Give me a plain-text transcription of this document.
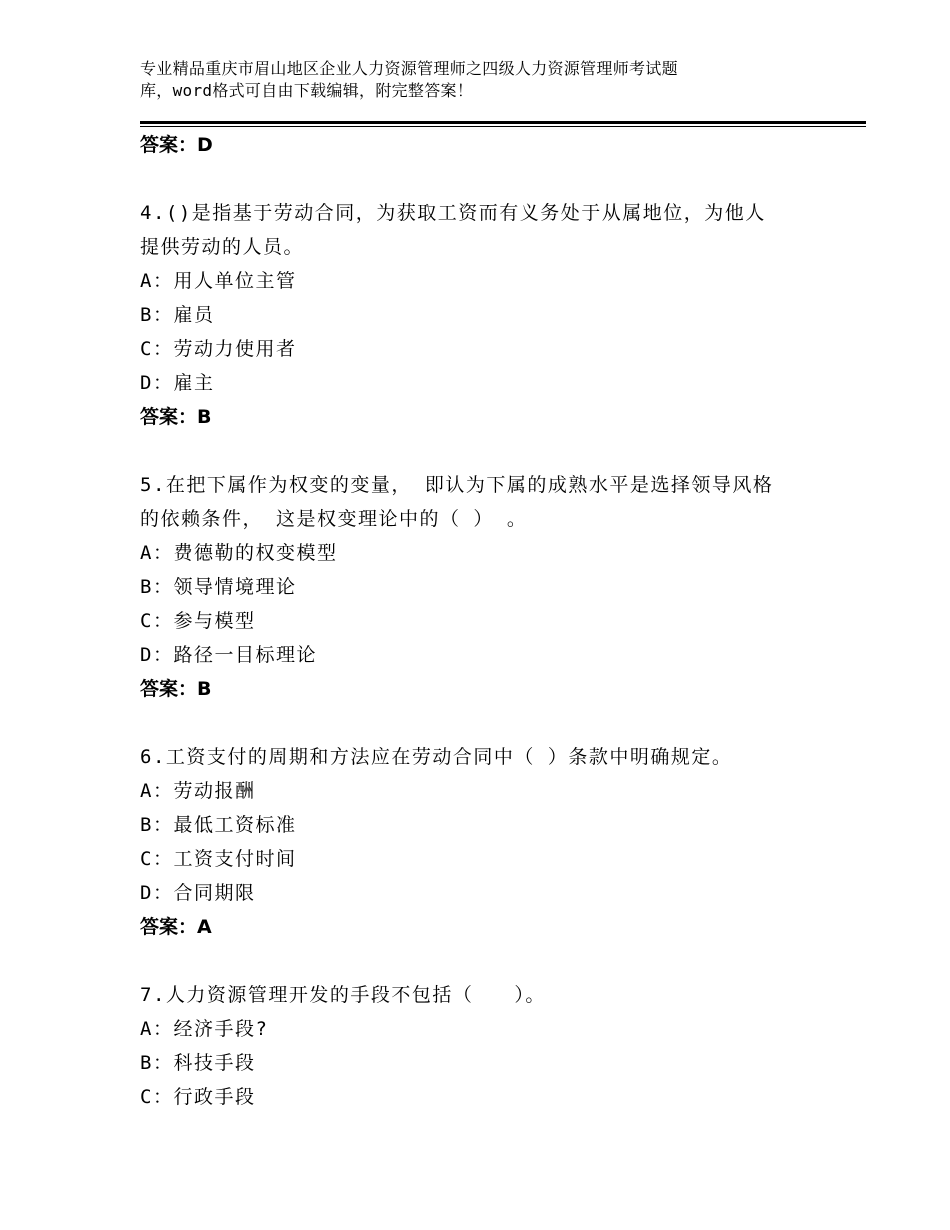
专业精品重庆市眉山地区企业人力资源管理师之四级人力资源管理师考试题
库，word格式可自由下载编辑，附完整答案！

答案：D

4.()是指基于劳动合同，为获取工资而有义务处于从属地位，为他人

提供劳动的人员。

A：用人单位主管

B：雇员

C：劳动力使用者

D：雇主

答案：B

5.在把下属作为权变的变量， 即认为下属的成熟水平是选择领导风格

的依赖条件， 这是权变理论中的（ ） 。

A：费德勒的权变模型

B：领导情境理论

C：参与模型

D：路径一目标理论

答案：B

6.工资支付的周期和方法应在劳动合同中（ ）条款中明确规定。

A：劳动报酬

B：最低工资标准

C：工资支付时间

D：合同期限

答案：A

7.人力资源管理开发的手段不包括（　　）。

A：经济手段?

B：科技手段

C：行政手段
